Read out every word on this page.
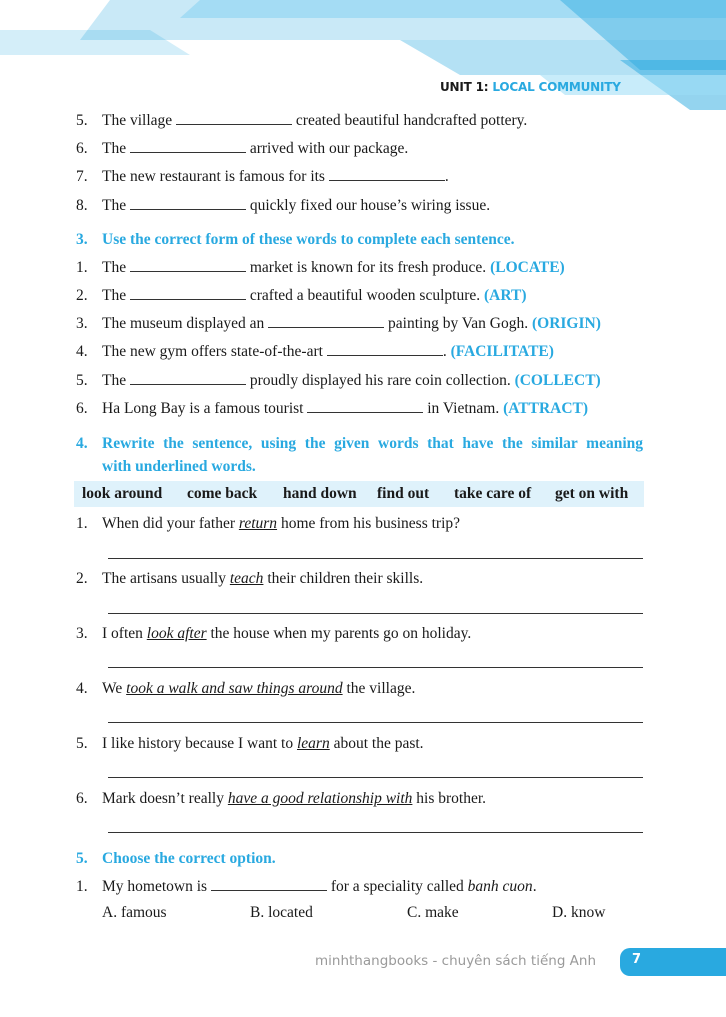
UNIT 1: LOCAL COMMUNITY
5. The village	created beautiful handcrafted pottery.
6. The	arrived with our package.
7. The new restaurant is famous for its	.
8. The	quickly fixed our house’s wiring issue.
3. Use the correct form of these words to complete each sentence.
1. The	market is known for its fresh produce. (LOCATE)
2. The	crafted a beautiful wooden sculpture. (ART)
3. The museum displayed an	painting by Van Gogh. (ORIGIN)
4. The new gym offers state-of-the-art	. (FACILITATE)
5. The	proudly displayed his rare coin collection. (COLLECT)
6. Ha Long Bay is a famous tourist	in Vietnam. (ATTRACT)
4. Rewrite the sentence, using the given words that have the similar meaning
with underlined words.
look around come back hand down find out take care of get on with
1. When did your father return home from his business trip?
2. The artisans usually teach their children their skills.
3. I often look after the house when my parents go on holiday.
4. We took a walk and saw things around the village.
5. I like history because I want to learn about the past.
6. Mark doesn’t really have a good relationship with his brother.
5. Choose the correct option.
1. My hometown is	for a speciality called banh cuon.
A. famous	B. located	C. make	D. know
minhthangbooks - chuyên sách tiếng Anh	7
